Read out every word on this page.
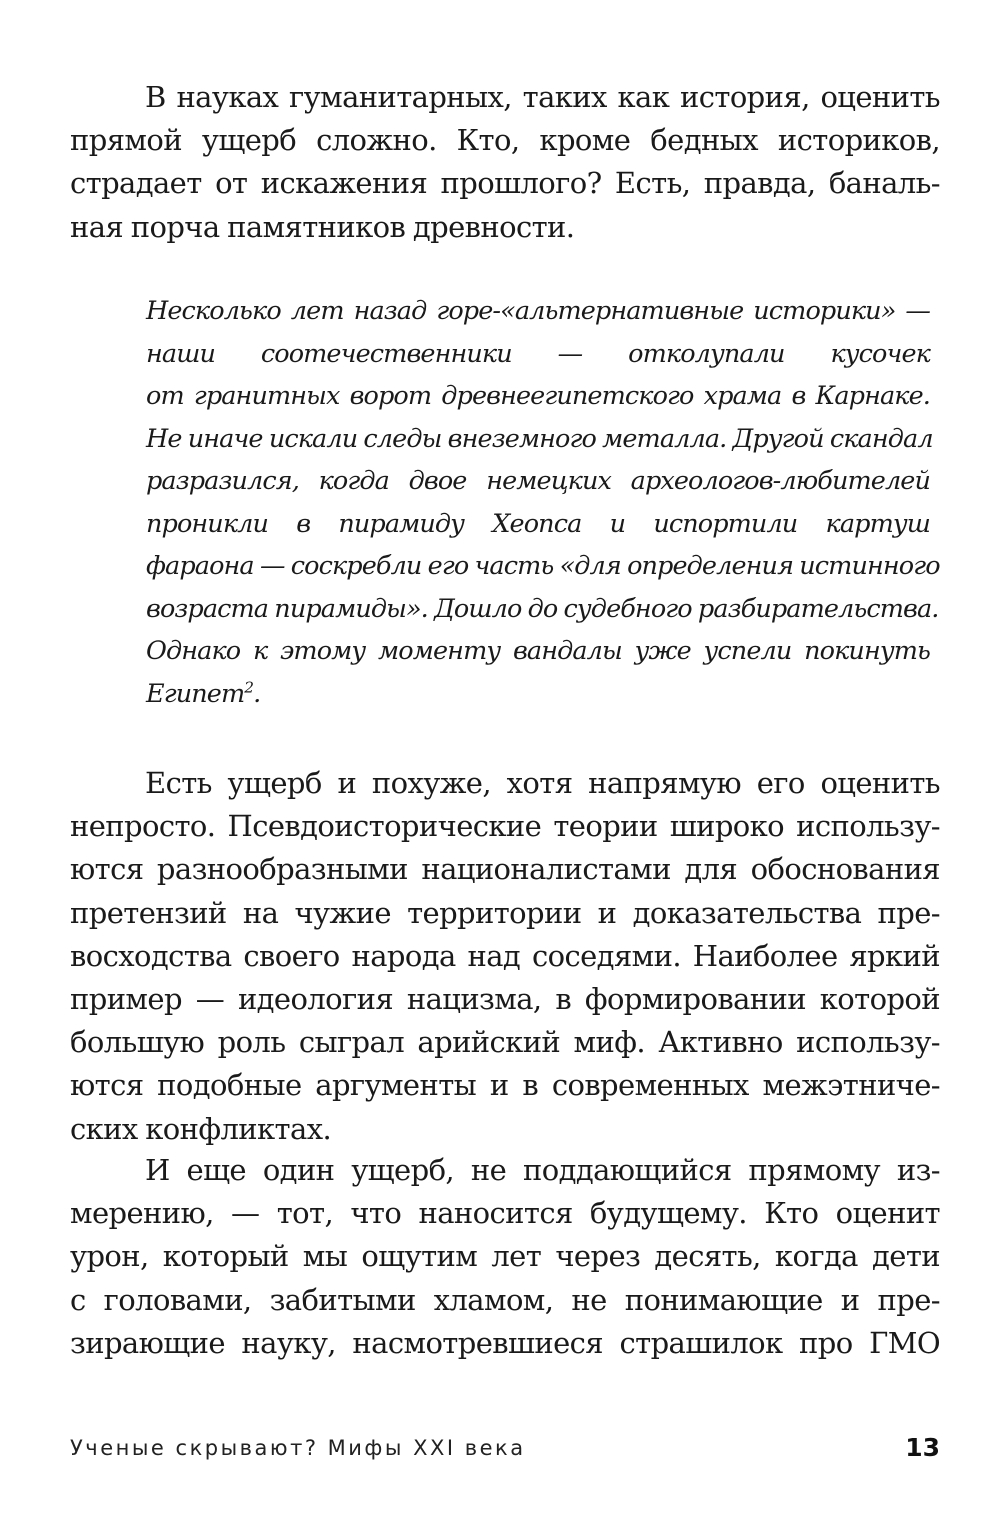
В науках гуманитарных, таких как история, оценить
прямой ущерб сложно. Кто, кроме бедных историков,
страдает от искажения прошлого? Есть, правда, баналь-
ная порча памятников древности.
Несколько лет назад горе-«альтернативные историки» —
наши соотечественники — отколупали кусочек
от гранитных ворот древнеегипетского храма в Карнаке.
Не иначе искали следы внеземного металла. Другой скандал
разразился, когда двое немецких археологов-любителей
проникли в пирамиду Хеопса и испортили картуш
фараона — соскребли его часть «для определения истинного
возраста пирамиды». Дошло до судебного разбирательства.
Однако к этому моменту вандалы уже успели покинуть
Египет$^2$.
Есть ущерб и похуже, хотя напрямую его оценить
непросто. Псевдоисторические теории широко использу-
ются разнообразными националистами для обоснования
претензий на чужие территории и доказательства пре-
восходства своего народа над соседями. Наиболее яркий
пример — идеология нацизма, в формировании которой
большую роль сыграл арийский миф. Активно использу-
ются подобные аргументы и в современных межэтниче-
ских конфликтах.
И еще один ущерб, не поддающийся прямому из-
мерению, — тот, что наносится будущему. Кто оценит
урон, который мы ощутим лет через десять, когда дети
с головами, забитыми хламом, не понимающие и пре-
зирающие науку, насмотревшиеся страшилок про ГМО
Ученые скрывают? Мифы XXI века	13
